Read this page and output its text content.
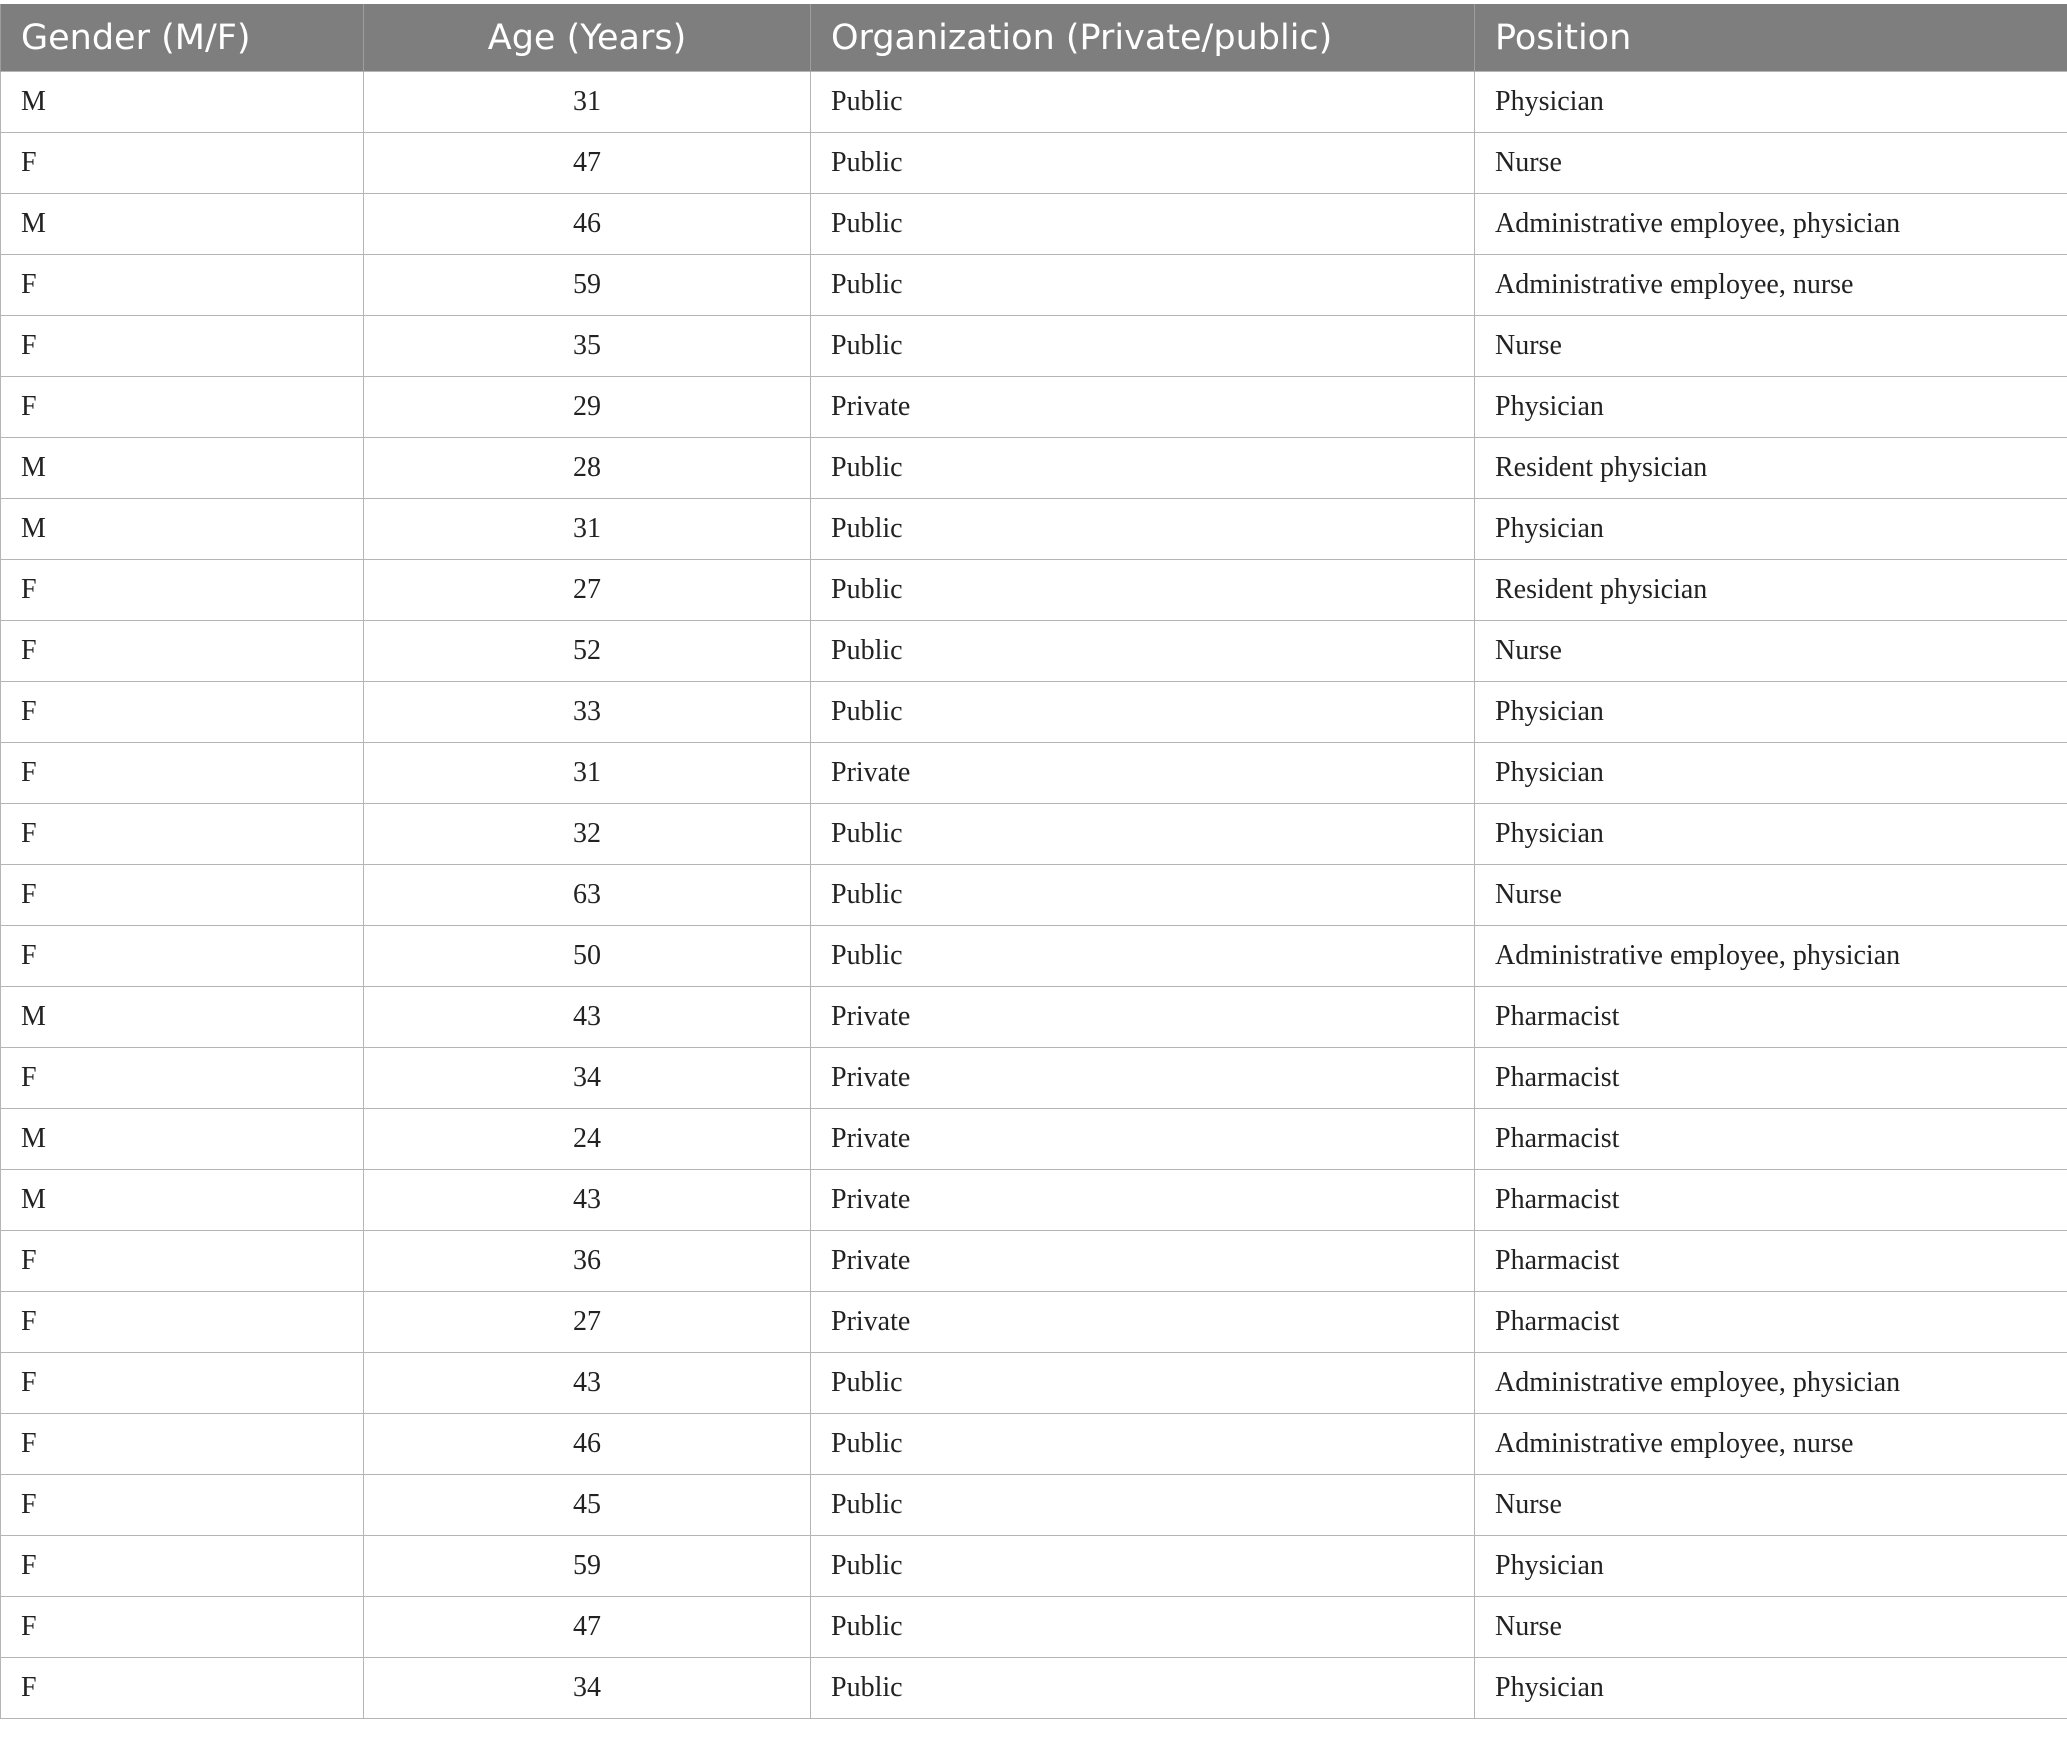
Gender (M/F)	Age (Years)	Organization (Private/public)	Position
M	31	Public	Physician
F	47	Public	Nurse
M	46	Public	Administrative employee, physician
F	59	Public	Administrative employee, nurse
F	35	Public	Nurse
F	29	Private	Physician
M	28	Public	Resident physician
M	31	Public	Physician
F	27	Public	Resident physician
F	52	Public	Nurse
F	33	Public	Physician
F	31	Private	Physician
F	32	Public	Physician
F	63	Public	Nurse
F	50	Public	Administrative employee, physician
M	43	Private	Pharmacist
F	34	Private	Pharmacist
M	24	Private	Pharmacist
M	43	Private	Pharmacist
F	36	Private	Pharmacist
F	27	Private	Pharmacist
F	43	Public	Administrative employee, physician
F	46	Public	Administrative employee, nurse
F	45	Public	Nurse
F	59	Public	Physician
F	47	Public	Nurse
F	34	Public	Physician
